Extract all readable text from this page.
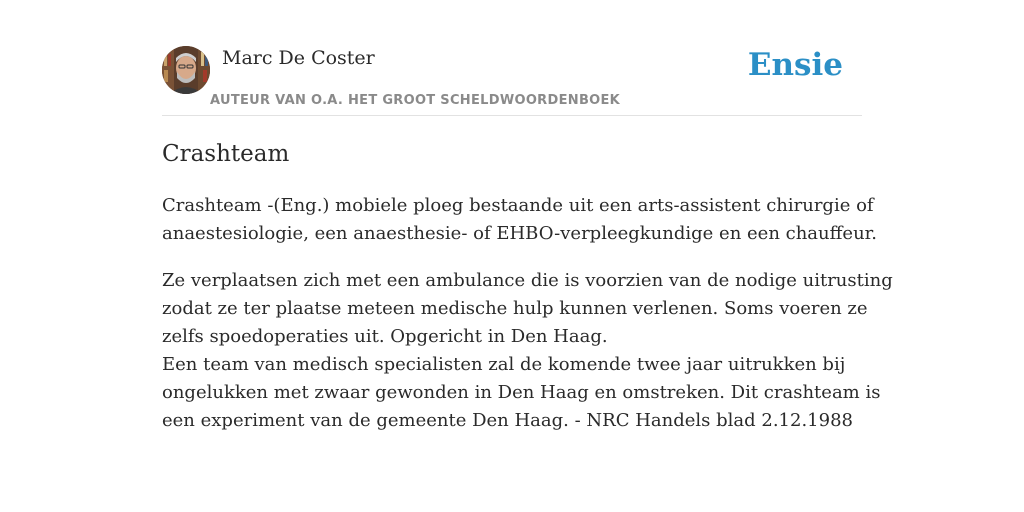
Marc De Coster
AUTEUR VAN O.A. HET GROOT SCHELDWOORDENBOEK
Ensie
Crashteam

Crashteam -(Eng.) mobiele ploeg bestaande uit een arts-assistent chirurgie of
anaestesiologie, een anaesthesie- of EHBO-verpleegkundige en een chauffeur.

Ze verplaatsen zich met een ambulance die is voorzien van de nodige uitrusting
zodat ze ter plaatse meteen medische hulp kunnen verlenen. Soms voeren ze
zelfs spoedoperaties uit. Opgericht in Den Haag.
Een team van medisch specialisten zal de komende twee jaar uitrukken bij
ongelukken met zwaar gewonden in Den Haag en omstreken. Dit crashteam is
een experiment van de gemeente Den Haag. - NRC Handels blad 2.12.1988
